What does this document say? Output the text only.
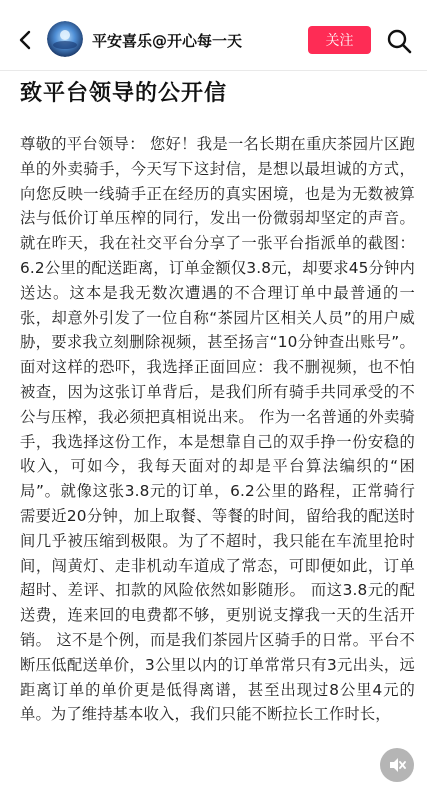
平安喜乐@开心每一天	关注
致平台领导的公开信
尊敬的平台领导： 您好！我是一名长期在重庆茶园片区跑单的外卖骑手，今天写下这封信，是想以最坦诚的方式，向您反映一线骑手正在经历的真实困境，也是为无数被算法与低价订单压榨的同行，发出一份微弱却坚定的声音。 就在昨天，我在社交平台分享了一张平台指派单的截图：6.2公里的配送距离，订单金额仅3.8元，却要求45分钟内送达。这本是我无数次遭遇的不合理订单中最普通的一张，却意外引发了一位自称“茶园片区相关人员”的用户威胁，要求我立刻删除视频，甚至扬言“10分钟查出账号”。面对这样的恐吓，我选择正面回应：我不删视频，也不怕被查，因为这张订单背后，是我们所有骑手共同承受的不公与压榨，我必须把真相说出来。 作为一名普通的外卖骑手，我选择这份工作，本是想靠自己的双手挣一份安稳的收入，可如今，我每天面对的却是平台算法编织的“困局”。就像这张3.8元的订单，6.2公里的路程，正常骑行需要近20分钟，加上取餐、等餐的时间，留给我的配送时间几乎被压缩到极限。为了不超时，我只能在车流里抢时间，闯黄灯、走非机动车道成了常态，可即便如此，订单超时、差评、扣款的风险依然如影随形。 而这3.8元的配送费，连来回的电费都不够，更别说支撑我一天的生活开销。 这不是个例，而是我们茶园片区骑手的日常。平台不断压低配送单价，3公里以内的订单常常只有3元出头，远距离订单的单价更是低得离谱，甚至出现过8公里4元的单。为了维持基本收入，我们只能不断拉长工作时长，
